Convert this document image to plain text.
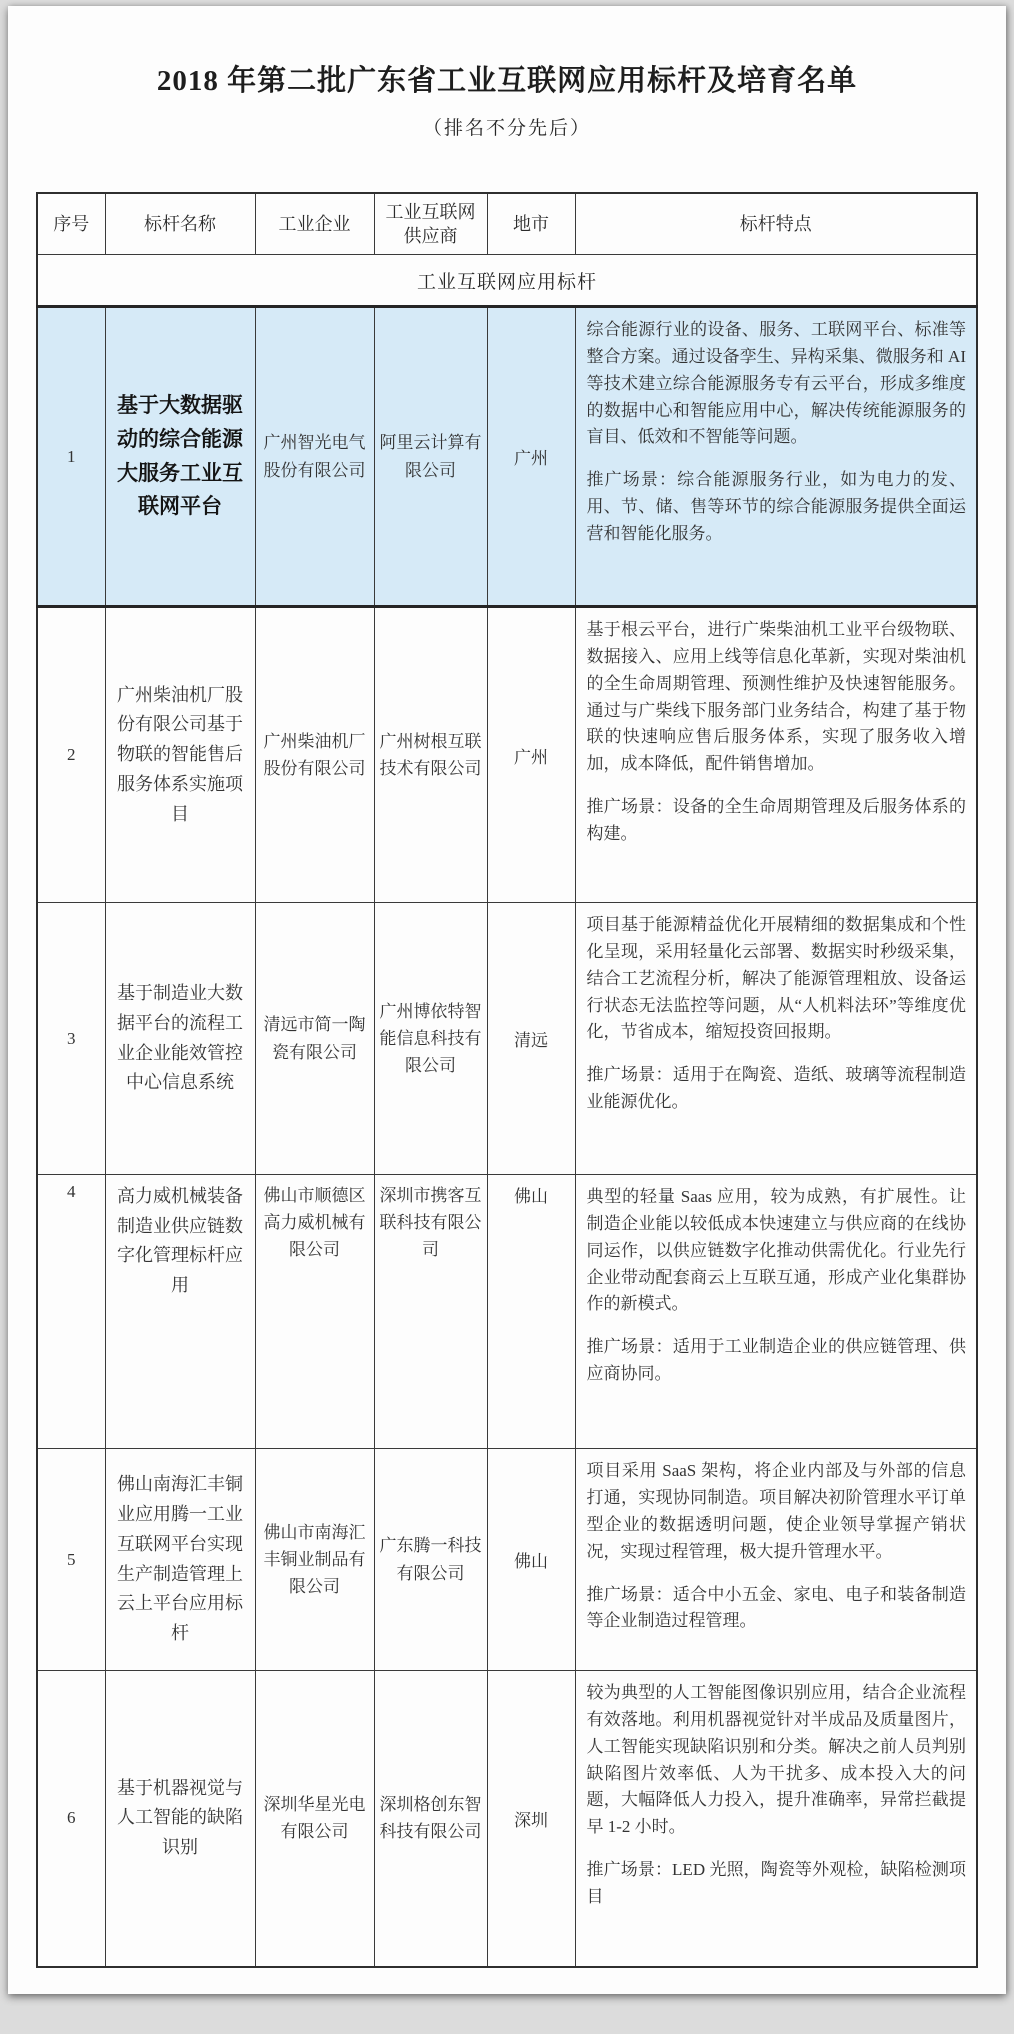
2018 年第二批广东省工业互联网应用标杆及培育名单
（排名不分先后）
序号	标杆名称	工业企业	工业互联网供应商	地市	标杆特点
工业互联网应用标杆					
1	基于大数据驱动的综合能源大服务工业互联网平台	广州智光电气股份有限公司	阿里云计算有限公司	广州	综合能源行业的设备、服务、工联网平台、标准等整合方案。通过设备孪生、异构采集、微服务和 AI 等技术建立综合能源服务专有云平台，形成多维度的数据中心和智能应用中心，解决传统能源服务的盲目、低效和不智能等问题。

推广场景：综合能源服务行业，如为电力的发、用、节、储、售等环节的综合能源服务提供全面运营和智能化服务。

2	广州柴油机厂股份有限公司基于物联的智能售后服务体系实施项目	广州柴油机厂股份有限公司	广州树根互联技术有限公司	广州	基于根云平台，进行广柴柴油机工业平台级物联、数据接入、应用上线等信息化革新，实现对柴油机的全生命周期管理、预测性维护及快速智能服务。通过与广柴线下服务部门业务结合，构建了基于物联的快速响应售后服务体系，实现了服务收入增加，成本降低，配件销售增加。

推广场景：设备的全生命周期管理及后服务体系的构建。

3	基于制造业大数据平台的流程工业企业能效管控中心信息系统	清远市简一陶瓷有限公司	广州博依特智能信息科技有限公司	清远	项目基于能源精益优化开展精细的数据集成和个性化呈现，采用轻量化云部署、数据实时秒级采集，结合工艺流程分析，解决了能源管理粗放、设备运行状态无法监控等问题，从“人机料法环”等维度优化，节省成本，缩短投资回报期。

推广场景：适用于在陶瓷、造纸、玻璃等流程制造业能源优化。

4	高力威机械装备制造业供应链数字化管理标杆应用	佛山市顺德区高力威机械有限公司	深圳市携客互联科技有限公司	佛山	典型的轻量 Saas 应用，较为成熟，有扩展性。让制造企业能以较低成本快速建立与供应商的在线协同运作，以供应链数字化推动供需优化。行业先行企业带动配套商云上互联互通，形成产业化集群协作的新模式。

推广场景：适用于工业制造企业的供应链管理、供应商协同。

5	佛山南海汇丰铜业应用腾一工业互联网平台实现生产制造管理上云上平台应用标杆	佛山市南海汇丰铜业制品有限公司	广东腾一科技有限公司	佛山	项目采用 SaaS 架构，将企业内部及与外部的信息打通，实现协同制造。项目解决初阶管理水平订单型企业的数据透明问题，使企业领导掌握产销状况，实现过程管理，极大提升管理水平。

推广场景：适合中小五金、家电、电子和装备制造等企业制造过程管理。

6	基于机器视觉与人工智能的缺陷识别	深圳华星光电有限公司	深圳格创东智科技有限公司	深圳	较为典型的人工智能图像识别应用，结合企业流程有效落地。利用机器视觉针对半成品及质量图片，人工智能实现缺陷识别和分类。解决之前人员判别缺陷图片效率低、人为干扰多、成本投入大的问题，大幅降低人力投入，提升准确率，异常拦截提早 1-2 小时。

推广场景：LED 光照，陶瓷等外观检，缺陷检测项目
